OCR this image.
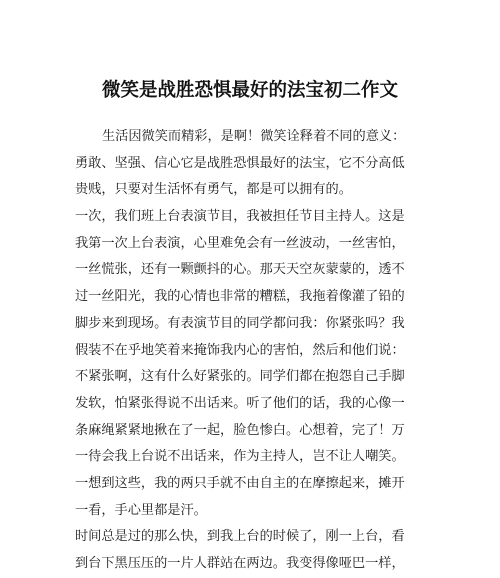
微笑是战胜恐惧最好的法宝初二作文
生活因微笑而精彩，是啊！微笑诠释着不同的意义：
勇敢、坚强、信心它是战胜恐惧最好的法宝，它不分高低
贵贱，只要对生活怀有勇气，都是可以拥有的。
一次，我们班上台表演节目，我被担任节目主持人。这是
我第一次上台表演，心里难免会有一丝波动，一丝害怕，
一丝慌张，还有一颗颤抖的心。那天天空灰蒙蒙的，透不
过一丝阳光，我的心情也非常的糟糕，我拖着像灌了铅的
脚步来到现场。有表演节目的同学都问我：你紧张吗？我
假装不在乎地笑着来掩饰我内心的害怕，然后和他们说：
不紧张啊，这有什么好紧张的。同学们都在抱怨自己手脚
发软，怕紧张得说不出话来。听了他们的话，我的心像一
条麻绳紧紧地揪在了一起，脸色惨白。心想着，完了！万
一待会我上台说不出话来，作为主持人，岂不让人嘲笑。
一想到这些，我的两只手就不由自主的在摩擦起来，摊开
一看，手心里都是汗。
时间总是过的那么快，到我上台的时候了，刚一上台，看
到台下黑压压的一片人群站在两边。我变得像哑巴一样，
